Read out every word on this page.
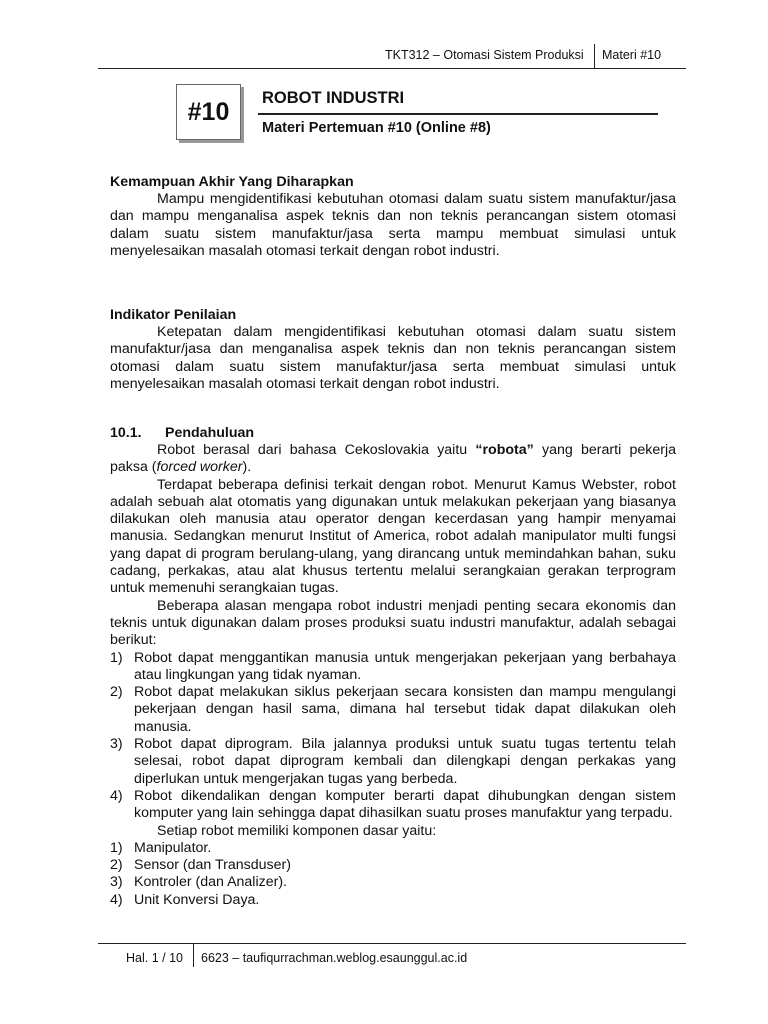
TKT312 – Otomasi Sistem Produksi Materi #10
#10	ROBOT INDUSTRI
Materi Pertemuan #10 (Online #8)
Kemampuan Akhir Yang Diharapkan

Mampu mengidentifikasi kebutuhan otomasi dalam suatu sistem manufaktur/jasa dan mampu menganalisa aspek teknis dan non teknis perancangan sistem otomasi dalam suatu sistem manufaktur/jasa serta mampu membuat simulasi untuk menyelesaikan masalah otomasi terkait dengan robot industri.

Indikator Penilaian

Ketepatan dalam mengidentifikasi kebutuhan otomasi dalam suatu sistem manufaktur/jasa dan menganalisa aspek teknis dan non teknis perancangan sistem otomasi dalam suatu sistem manufaktur/jasa serta membuat simulasi untuk menyelesaikan masalah otomasi terkait dengan robot industri.

10.1. Pendahuluan

Robot berasal dari bahasa Cekoslovakia yaitu “robota” yang berarti pekerja paksa (forced worker).

Terdapat beberapa definisi terkait dengan robot. Menurut Kamus Webster, robot adalah sebuah alat otomatis yang digunakan untuk melakukan pekerjaan yang biasanya dilakukan oleh manusia atau operator dengan kecerdasan yang hampir menyamai manusia. Sedangkan menurut Institut of America, robot adalah manipulator multi fungsi yang dapat di program berulang-ulang, yang dirancang untuk memindahkan bahan, suku cadang, perkakas, atau alat khusus tertentu melalui serangkaian gerakan terprogram untuk memenuhi serangkaian tugas.

Beberapa alasan mengapa robot industri menjadi penting secara ekonomis dan teknis untuk digunakan dalam proses produksi suatu industri manufaktur, adalah sebagai berikut:

1) Robot dapat menggantikan manusia untuk mengerjakan pekerjaan yang berbahaya atau lingkungan yang tidak nyaman.
2) Robot dapat melakukan siklus pekerjaan secara konsisten dan mampu mengulangi pekerjaan dengan hasil sama, dimana hal tersebut tidak dapat dilakukan oleh manusia.
3) Robot dapat diprogram. Bila jalannya produksi untuk suatu tugas tertentu telah selesai, robot dapat diprogram kembali dan dilengkapi dengan perkakas yang diperlukan untuk mengerjakan tugas yang berbeda.
4) Robot dikendalikan dengan komputer berarti dapat dihubungkan dengan sistem komputer yang lain sehingga dapat dihasilkan suatu proses manufaktur yang terpadu.

Setiap robot memiliki komponen dasar yaitu:

1) Manipulator.
2) Sensor (dan Transduser)
3) Kontroler (dan Analizer).
4) Unit Konversi Daya.
Hal. 1 / 10 6623 – taufiqurrachman.weblog.esaunggul.ac.id
